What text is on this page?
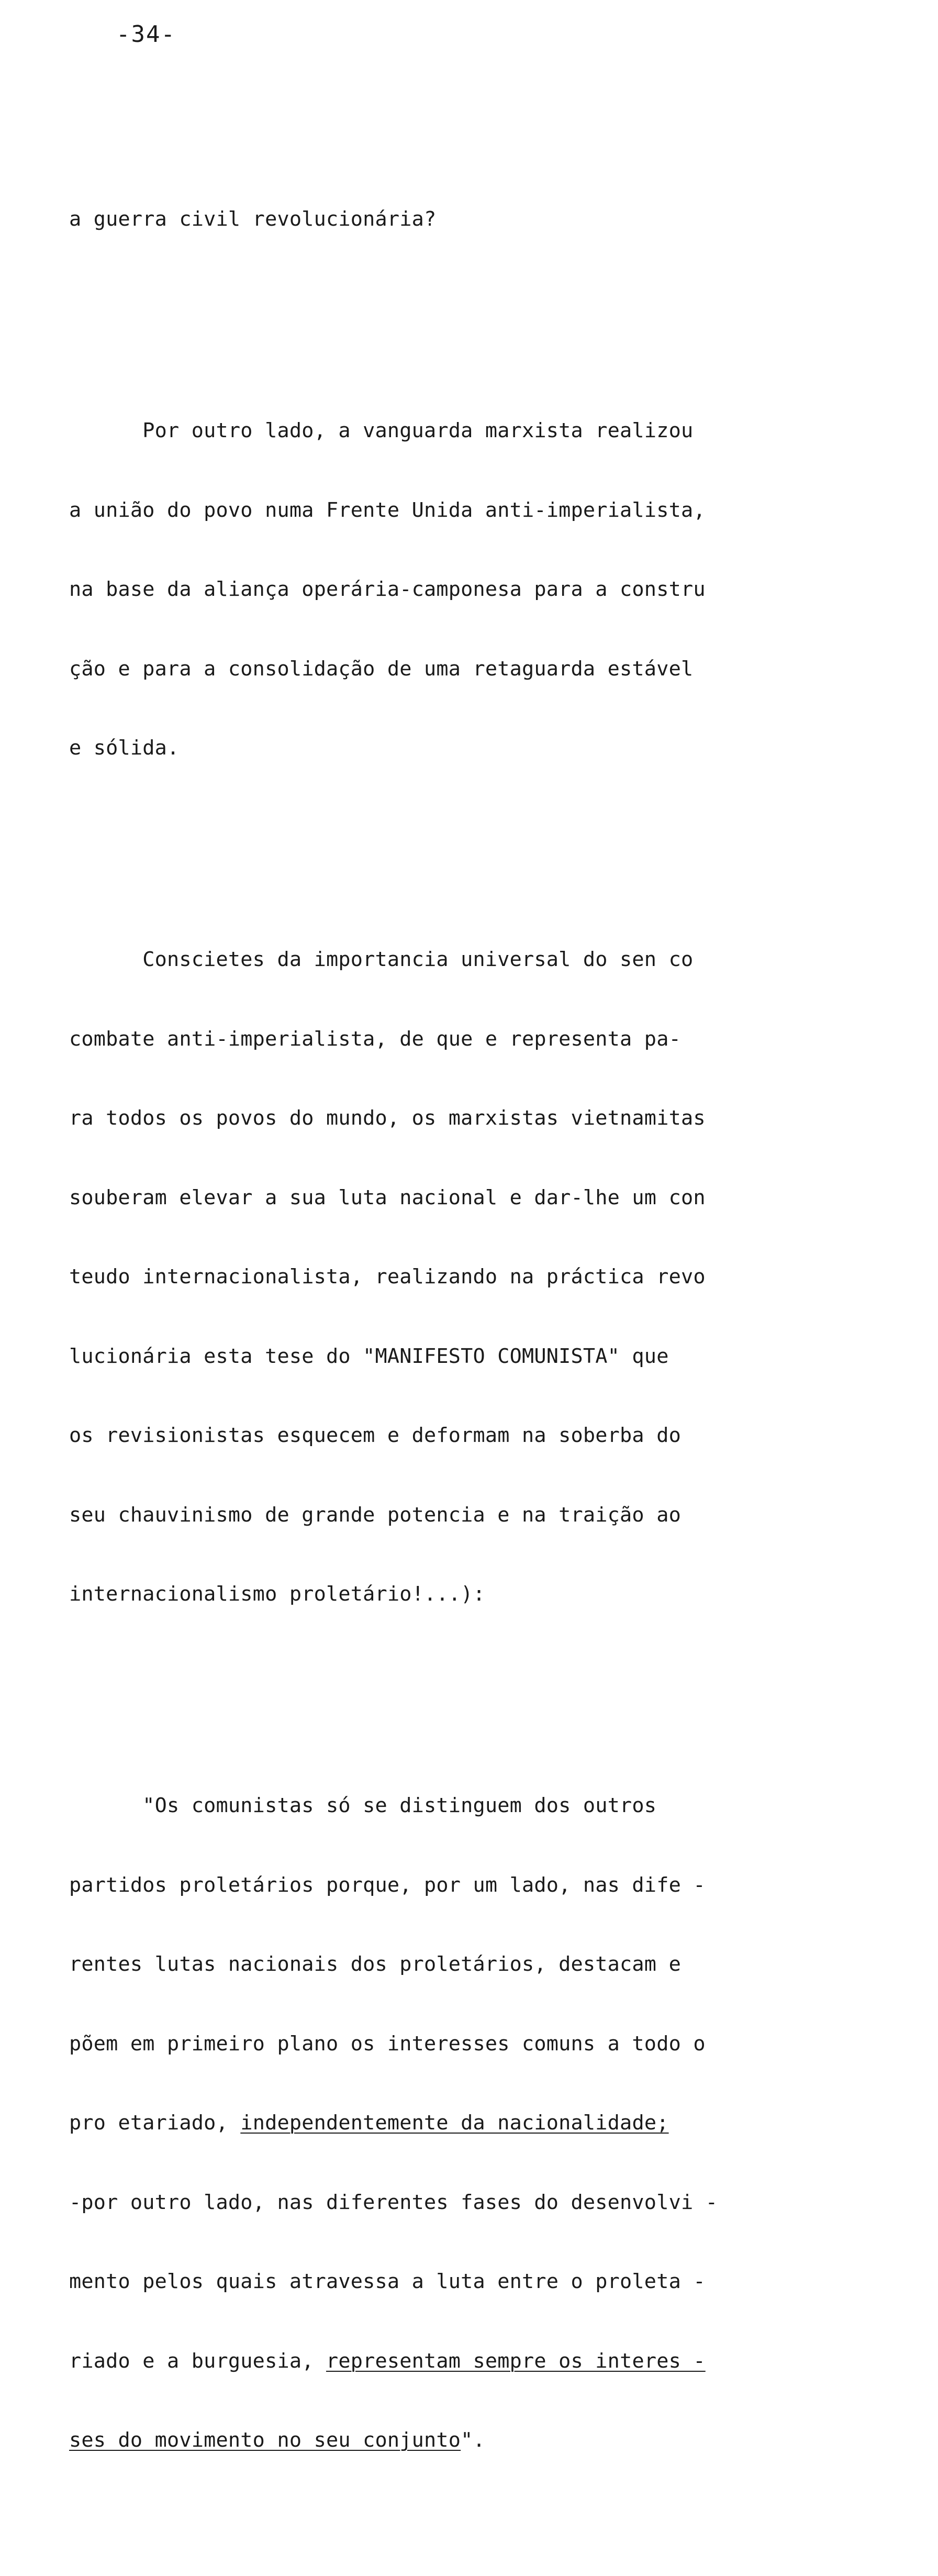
-34-

a guerra civil revolucionária?

Por outro lado, a vanguarda marxista realizou

a união do povo numa Frente Unida anti-imperialista,

na base da aliança operária-camponesa para a constru

ção e para a consolidação de uma retaguarda estável

e sólida.

Conscietes da importancia universal do sen co

combate anti-imperialista, de que e representa pa-

ra todos os povos do mundo, os marxistas vietnamitas

souberam elevar a sua luta nacional e dar-lhe um con

teudo internacionalista, realizando na práctica revo

lucionária esta tese do "MANIFESTO COMUNISTA" que

os revisionistas esquecem e deformam na soberba do

seu chauvinismo de grande potencia e na traição ao

internacionalismo proletário!...):

"Os comunistas só se distinguem dos outros

partidos proletários porque, por um lado, nas dife -

rentes lutas nacionais dos proletários, destacam e

põem em primeiro plano os interesses comuns a todo o

pro etariado, independentemente da nacionalidade;

-por outro lado, nas diferentes fases do desenvolvi -

mento pelos quais atravessa a luta entre o proleta -

riado e a burguesia, representam sempre os interes -

ses do movimento no seu conjunto".
